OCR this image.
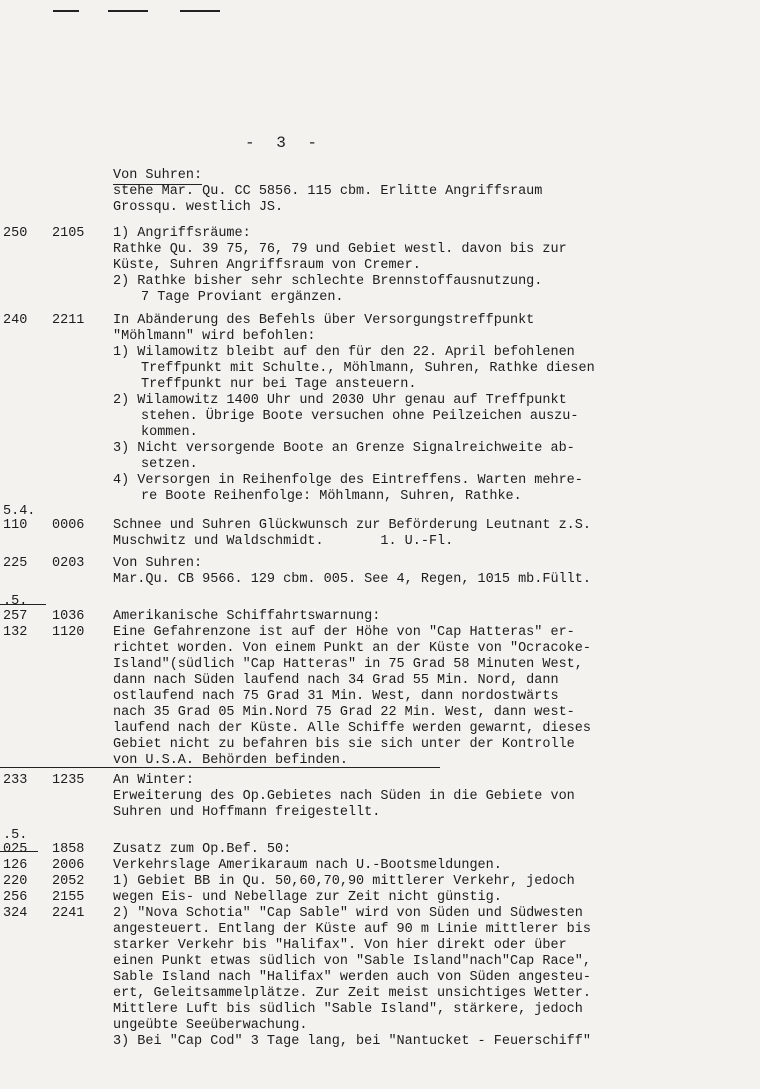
- 3 -
Von Suhren:
stehe Mar. Qu. CC 5856. 115 cbm. Erlitte Angriffsraum
Grossqu. westlich JS.
250 2105 1) Angriffsräume:
Rathke Qu. 39 75, 76, 79 und Gebiet westl. davon bis zur
Küste, Suhren Angriffsraum von Cremer.
2) Rathke bisher sehr schlechte Brennstoffausnutzung.
7 Tage Proviant ergänzen.
240 2211 In Abänderung des Befehls über Versorgungstreffpunkt
"Möhlmann" wird befohlen:
1) Wilamowitz bleibt auf den für den 22. April befohlenen
Treffpunkt mit Schulte., Möhlmann, Suhren, Rathke diesen
Treffpunkt nur bei Tage ansteuern.
2) Wilamowitz 1400 Uhr und 2030 Uhr genau auf Treffpunkt
stehen. Übrige Boote versuchen ohne Peilzeichen auszu-
kommen.
3) Nicht versorgende Boote an Grenze Signalreichweite ab-
setzen.
4) Versorgen in Reihenfolge des Eintreffens. Warten mehre-
re Boote Reihenfolge: Möhlmann, Suhren, Rathke.
5.4.
110 0006 Schnee und Suhren Glückwunsch zur Beförderung Leutnant z.S.
Muschwitz und Waldschmidt.       1. U.-Fl.
225 0203 Von Suhren:
Mar.Qu. CB 9566. 129 cbm. 005. See 4, Regen, 1015 mb.Füllt.
.5.
257 1036 Amerikanische Schiffahrtswarnung:
132 1120 Eine Gefahrenzone ist auf der Höhe von "Cap Hatteras" er-
richtet worden. Von einem Punkt an der Küste von "Ocracoke-
Island"(südlich "Cap Hatteras" in 75 Grad 58 Minuten West,
dann nach Süden laufend nach 34 Grad 55 Min. Nord, dann
ostlaufend nach 75 Grad 31 Min. West, dann nordostwärts
nach 35 Grad 05 Min.Nord 75 Grad 22 Min. West, dann west-
laufend nach der Küste. Alle Schiffe werden gewarnt, dieses
Gebiet nicht zu befahren bis sie sich unter der Kontrolle
von U.S.A. Behörden befinden.
233 1235 An Winter:
Erweiterung des Op.Gebietes nach Süden in die Gebiete von
Suhren und Hoffmann freigestellt.
.5.
025 1858 Zusatz zum Op.Bef. 50:
126 2006 Verkehrslage Amerikaraum nach U.-Bootsmeldungen.
220 2052 1) Gebiet BB in Qu. 50,60,70,90 mittlerer Verkehr, jedoch
256 2155 wegen Eis- und Nebellage zur Zeit nicht günstig.
324 2241 2) "Nova Schotia" "Cap Sable" wird von Süden und Südwesten
angesteuert. Entlang der Küste auf 90 m Linie mittlerer bis
starker Verkehr bis "Halifax". Von hier direkt oder über
einen Punkt etwas südlich von "Sable Island"nach"Cap Race",
Sable Island nach "Halifax" werden auch von Süden angesteu-
ert, Geleitsammelplätze. Zur Zeit meist unsichtiges Wetter.
Mittlere Luft bis südlich "Sable Island", stärkere, jedoch
ungeübte Seeüberwachung.
3) Bei "Cap Cod" 3 Tage lang, bei "Nantucket - Feuerschiff"
